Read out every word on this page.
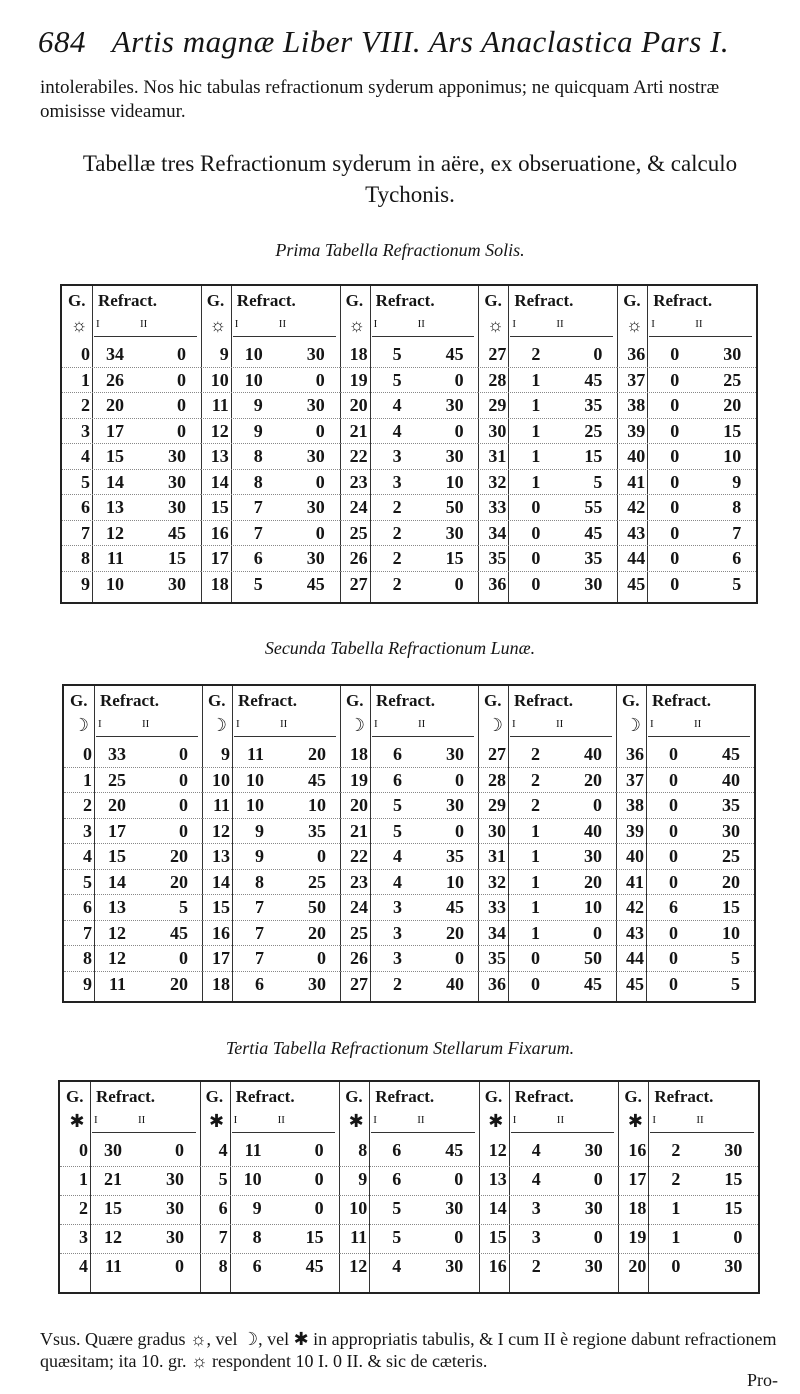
684 Artis magnæ Liber VIII. Ars Anaclastica Pars I.
intolerabiles. Nos hic tabulas refractionum syderum apponimus; ne quicquam Arti nostræ omisisse videamur.
Tabellæ tres Refractionum syderum in aëre, ex obseruatione, & calculo Tychonis.
Prima Tabella Refractionum Solis.
G. Refract.
☼ I	II
0 34	0
1 26	0
2 20	0
3 17	0
4 15	30
5 14	30
6 13	30
7 12	45
8 11	15
9 10	30
G. Refract.
☼ I	II
9 10	30
10 10	0
11	9	30
12	9	0
13	8	30
14	8	0
15	7	30
16	7	0
17	6	30
18	5	45
G. Refract.
☼ I	II
18	5	45
19	5	0
20	4	30
21	4	0
22	3	30
23	3	10
24	2	50
25	2	30
26	2	15
27	2	0
G. Refract.
☼ I	II
27	2	0
28	1	45
29	1	35
30	1	25
31	1	15
32	1	5
33	0	55
34	0	45
35	0	35
36	0	30
G. Refract.
☼ I	II
36	0	30
37	0	25
38	0	20
39	0	15
40	0	10
41	0	9
42	0	8
43	0	7
44	0	6
45	0	5
Secunda Tabella Refractionum Lunæ.
G. Refract.
☽ I	II
0 33	0
1 25	0
2 20	0
3 17	0
4 15	20
5 14	20
6 13	5
7 12	45
8 12	0
9 11	20
G. Refract.
☽ I	II
9 11	20
10 10	45
11 10	10
12	9	35
13	9	0
14	8	25
15	7	50
16	7	20
17	7	0
18	6	30
G. Refract.
☽ I	II
18	6	30
19	6	0
20	5	30
21	5	0
22	4	35
23	4	10
24	3	45
25	3	20
26	3	0
27	2	40
G. Refract.
☽ I	II
27	2	40
28	2	20
29	2	0
30	1	40
31	1	30
32	1	20
33	1	10
34	1	0
35	0	50
36	0	45
G. Refract.
☽ I	II
36	0	45
37	0	40
38	0	35
39	0	30
40	0	25
41	0	20
42	6	15
43	0	10
44	0	5
45	0	5
Tertia Tabella Refractionum Stellarum Fixarum.
G. Refract.
✱ I	II
0 30	0
1 21	30
2 15	30
3 12	30
4 11	0
G. Refract.
✱ I	II
4 11	0
5 10	0
6	9	0
7	8	15
8	6	45
G. Refract.
✱ I	II
8	6	45
9	6	0
10	5	30
11	5	0
12	4	30
G. Refract.
✱ I	II
12	4	30
13	4	0
14	3	30
15	3	0
16	2	30
G. Refract.
✱ I	II
16	2	30
17	2	15
18	1	15
19	1	0
20	0	30
Vsus. Quære gradus ☼, vel ☽, vel ✱ in appropriatis tabulis, & I cum II è regione dabunt refractionem quæsitam; ita 10. gr. ☼ respondent 10 I. 0 II. & sic de cæteris.
Pro-
